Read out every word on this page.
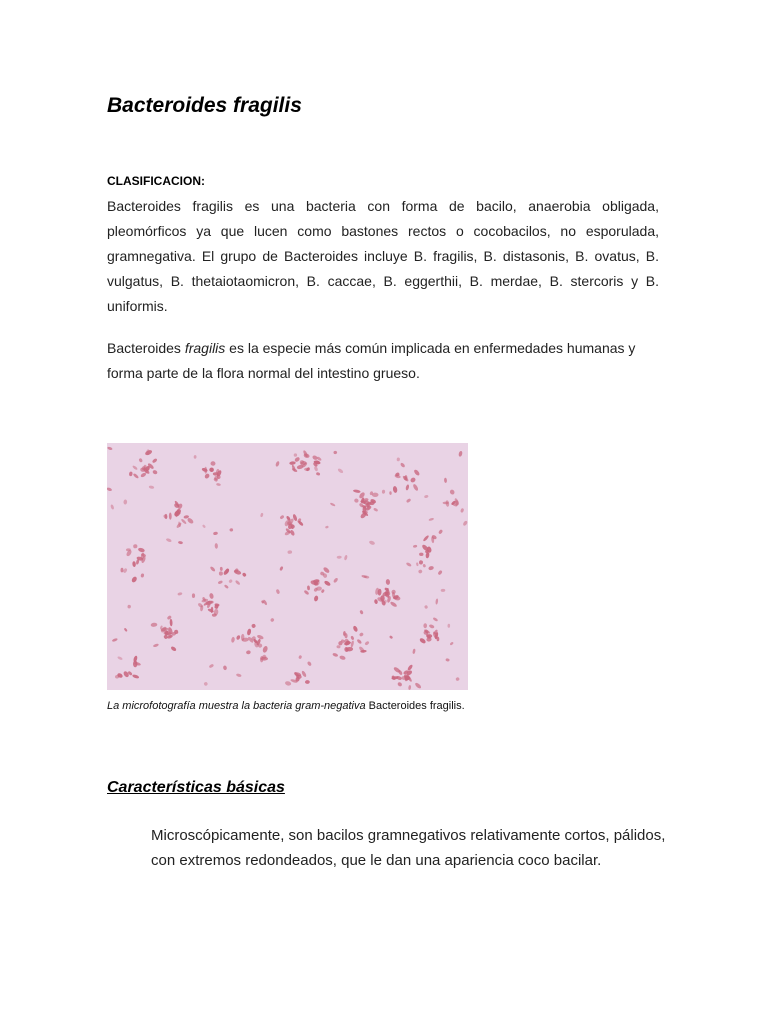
Bacteroides fragilis

CLASIFICACION:

Bacteroides fragilis es una bacteria con forma de bacilo, anaerobia obligada, pleomórficos ya que lucen como bastones rectos o cocobacilos, no esporulada, gramnegativa. El grupo de Bacteroides incluye B. fragilis, B. distasonis, B. ovatus, B. vulgatus, B. thetaiotaomicron, B. caccae, B. eggerthii, B. merdae, B. stercoris y B. uniformis.

Bacteroides fragilis es la especie más común implicada en enfermedades humanas y forma parte de la flora normal del intestino grueso.

La microfotografía muestra la bacteria gram-negativa Bacteroides fragilis.

Características básicas

Microscópicamente, son bacilos gramnegativos relativamente cortos, pálidos, con extremos redondeados, que le dan una apariencia coco bacilar.
